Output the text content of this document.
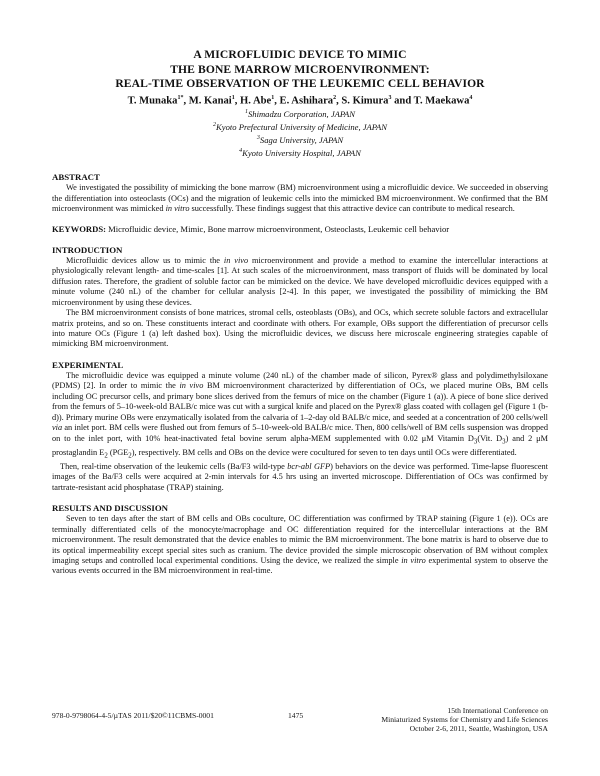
A MICROFLUIDIC DEVICE TO MIMIC
THE BONE MARROW MICROENVIRONMENT:
REAL-TIME OBSERVATION OF THE LEUKEMIC CELL BEHAVIOR
T. Munaka$^{1*}$, M. Kanai$^1$, H. Abe$^1$, E. Ashihara$^2$, S. Kimura$^3$ and T. Maekawa$^4$
$^1$Shimadzu Corporation, JAPAN
$^2$Kyoto Prefectural University of Medicine, JAPAN
$^3$Saga University, JAPAN
$^4$Kyoto University Hospital, JAPAN
ABSTRACT

We investigated the possibility of mimicking the bone marrow (BM) microenvironment using a microfluidic device. We succeeded in observing the differentiation into osteoclasts (OCs) and the migration of leukemic cells into the mimicked BM microenvironment. We confirmed that the BM microenvironment was mimicked in vitro successfully. These findings suggest that this attractive device can contribute to medical research.

KEYWORDS: Microfluidic device, Mimic, Bone marrow microenvironment, Osteoclasts, Leukemic cell behavior
INTRODUCTION

Microfluidic devices allow us to mimic the in vivo microenvironment and provide a method to examine the intercellular interactions at physiologically relevant length- and time-scales [1]. At such scales of the microenvironment, mass transport of fluids will be dominated by local diffusion rates. Therefore, the gradient of soluble factor can be mimicked on the device. We have developed microfluidic devices equipped with a minute volume (240 nL) of the chamber for cellular analysis [2-4]. In this paper, we investigated the possibility of mimicking the BM microenvironment by using these devices.

The BM microenvironment consists of bone matrices, stromal cells, osteoblasts (OBs), and OCs, which secrete soluble factors and extracellular matrix proteins, and so on. These constituents interact and coordinate with others. For example, OBs support the differentiation of precursor cells into mature OCs (Figure 1 (a) left dashed box). Using the microfluidic devices, we discuss here microscale engineering strategies capable of mimicking BM microenvironment.

EXPERIMENTAL

The microfluidic device was equipped a minute volume (240 nL) of the chamber made of silicon, Pyrex® glass and polydimethylsiloxane (PDMS) [2]. In order to mimic the in vivo BM microenvironment characterized by differentiation of OCs, we placed murine OBs, BM cells including OC precursor cells, and primary bone slices derived from the femurs of mice on the chamber (Figure 1 (a)). A piece of bone slice derived from the femurs of 5–10-week-old BALB/c mice was cut with a surgical knife and placed on the Pyrex® glass coated with collagen gel (Figure 1 (b-d)). Primary murine OBs were enzymatically isolated from the calvaria of 1–2-day old BALB/c mice, and seeded at a concentration of 200 cells/well via an inlet port. BM cells were flushed out from femurs of 5–10-week-old BALB/c mice. Then, 800 cells/well of BM cells suspension was dropped on to the inlet port, with 10% heat-inactivated fetal bovine serum alpha-MEM supplemented with 0.02 μM Vitamin $D_3(Vit$. $D_3$) and 2 μM prostaglandin $E_2$ $(PGE_2)$, respectively. BM cells and OBs on the device were cocultured for seven to ten days until OCs were differentiated.

Then, real-time observation of the leukemic cells (Ba/F3 wild-type bcr-abl GFP) behaviors on the device was performed. Time-lapse fluorescent images of the Ba/F3 cells were acquired at 2-min intervals for 4.5 hrs using an inverted microscope. Differentiation of OCs was confirmed by tartrate-resistant acid phosphatase (TRAP) staining.

RESULTS AND DISCUSSION

Seven to ten days after the start of BM cells and OBs coculture, OC differentiation was confirmed by TRAP staining (Figure 1 (e)). OCs are terminally differentiated cells of the monocyte/macrophage and OC differentiation required for the intercellular interactions at the BM microenvironment. The result demonstrated that the device enables to mimic the BM microenvironment. The bone matrix is hard to observe due to its optical impermeability except special sites such as cranium. The device provided the simple microscopic observation of BM without complex imaging setups and controlled local experimental conditions. Using the device, we realized the simple in vitro experimental system to observe the various events occurred in the BM microenvironment in real-time.

978-0-9798064-4-5/µTAS 2011/$20©11CBMS-0001	1475
15th International Conference on
Miniaturized Systems for Chemistry and Life Sciences
October 2-6, 2011, Seattle, Washington, USA
